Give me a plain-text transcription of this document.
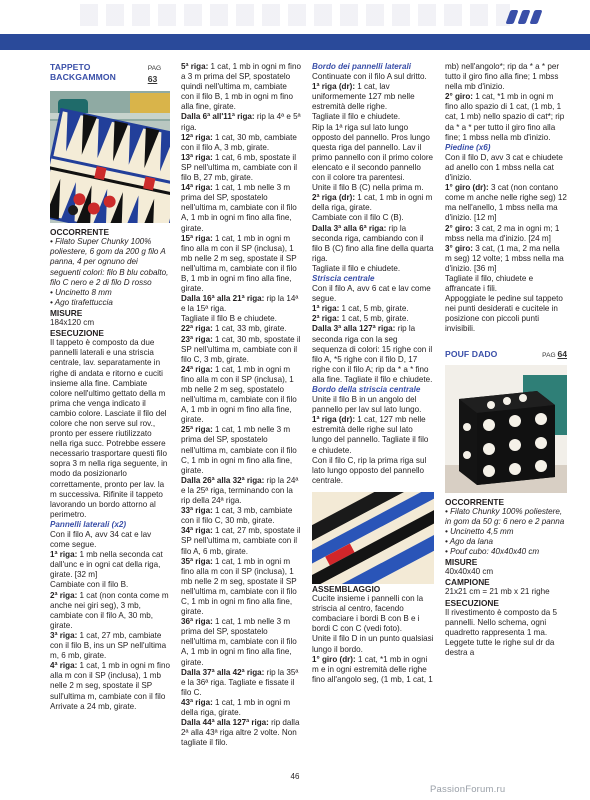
TAPPETO BACKGAMMON
PAG 63

OCCORRENTE

• Filato Super Chunky 100% poliestere, 6 gom da 200 g filo A panna, 4 per ognuno dei seguenti colori: filo B blu cobalto, filo C nero e 2 di filo D rosso

• Uncinetto 8 mm

• Ago tirafettuccia

MISURE

184x120 cm

ESECUZIONE

Il tappeto è composto da due pannelli laterali e una striscia centrale, lav. separatamente in righe di andata e ritorno e cuciti insieme alla fine. Cambiate colore nell'ultimo gettato della m prima che venga indicato il cambio colore. Lasciate il filo del colore che non serve sul rov., pronto per essere riutilizzato nella riga succ. Potrebbe essere necessario trasportare questi filo sopra 3 m nella riga seguente, in modo da posizionarlo correttamente, pronto per lav. la m successiva. Rifinite il tappeto lavorando un bordo attorno al perimetro.

Pannelli laterali (x2)

Con il filo A, avv 34 cat e lav come segue.

1ª riga: 1 mb nella seconda cat dall'unc e in ogni cat della riga, girate. [32 m]

Cambiate con il filo B.

2ª riga: 1 cat (non conta come m anche nei giri seg), 3 mb, cambiate con il filo A, 30 mb, girate.

3ª riga: 1 cat, 27 mb, cambiate con il filo B, ins un SP nell'ultima m, 6 mb, girate.

4ª riga: 1 cat, 1 mb in ogni m fino alla m con il SP (inclusa), 1 mb nelle 2 m seg, spostate il SP sull'ultima m, cambiate con il filo Arrivate a 24 mb, girate.

5ª riga: 1 cat, 1 mb in ogni m fino a 3 m prima del SP, spostatelo quindi nell'ultima m, cambiate con il filo B, 1 mb in ogni m fino alla fine, girate.

Dalla 6ª all'11ª riga: rip la 4ª e 5ª riga.

12ª riga: 1 cat, 30 mb, cambiate con il filo A, 3 mb, girate.

13ª riga: 1 cat, 6 mb, spostate il SP nell'ultima m, cambiate con il filo B, 27 mb, girate.

14ª riga: 1 cat, 1 mb nelle 3 m prima del SP, spostatelo nell'ultima m, cambiate con il filo A, 1 mb in ogni m fino alla fine, girate.

15ª riga: 1 cat, 1 mb in ogni m fino alla m con il SP (inclusa), 1 mb nelle 2 m seg, spostate il SP nell'ultima m, cambiate con il filo B, 1 mb in ogni m fino alla fine, girate.

Dalla 16ª alla 21ª riga: rip la 14ª e la 15ª riga.

Tagliate il filo B e chiudete.

22ª riga: 1 cat, 33 mb, girate.

23ª riga: 1 cat, 30 mb, spostate il SP nell'ultima m, cambiate con il filo C, 3 mb, girate.

24ª riga: 1 cat, 1 mb in ogni m fino alla m con il SP (inclusa), 1 mb nelle 2 m seg, spostatelo nell'ultima m, cambiate con il filo A, 1 mb in ogni m fino alla fine, girate.

25ª riga: 1 cat, 1 mb nelle 3 m prima del SP, spostatelo nell'ultima m, cambiate con il filo C, 1 mb in ogni m fino alla fine, girate.

Dalla 26ª alla 32ª riga: rip la 24ª e la 25ª riga, terminando con la rip della 24ª riga.

33ª riga: 1 cat, 3 mb, cambiate con il filo C, 30 mb, girate.

34ª riga: 1 cat, 27 mb, spostate il SP nell'ultima m, cambiate con il filo A, 6 mb, girate.

35ª riga: 1 cat, 1 mb in ogni m fino alla m con il SP (inclusa), 1 mb nelle 2 m seg, spostate il SP nell'ultima m, cambiate con il filo C, 1 mb in ogni m fino alla fine, girate.

36ª riga: 1 cat, 1 mb nelle 3 m prima del SP, spostatelo nell'ultima m, cambiate con il filo A, 1 mb in ogni m fino alla fine, girate.

Dalla 37ª alla 42ª riga: rip la 35ª e la 36ª riga. Tagliate e fissate il filo C.

43ª riga: 1 cat, 1 mb in ogni m della riga, girate.

Dalla 44ª alla 127ª riga: rip dalla 2ª alla 43ª riga altre 2 volte. Non tagliate il filo.

Bordo dei pannelli laterali

Continuate con il filo A sul dritto.

1ª riga (dr): 1 cat, lav uniformemente 127 mb nelle estremità delle righe.

Tagliate il filo e chiudete.

Rip la 1ª riga sul lato lungo opposto del pannello. Pros lungo questa riga del pannello. Lav il primo pannello con il primo colore elencato e il secondo pannello con il colore tra parentesi.

Unite il filo B (C) nella prima m.

2ª riga (dr): 1 cat, 1 mb in ogni m della riga, girate.

Cambiate con il filo C (B).

Dalla 3ª alla 6ª riga: rip la seconda riga, cambiando con il filo B (C) fino alla fine della quarta riga.

Tagliate il filo e chiudete.

Striscia centrale

Con il filo A, avv 6 cat e lav come segue.

1ª riga: 1 cat, 5 mb, girate.

2ª riga: 1 cat, 5 mb, girate.

Dalla 3ª alla 127ª riga: rip la seconda riga con la seg sequenza di colori: 15 righe con il filo A, *5 righe con il filo D, 17 righe con il filo A; rip da * a * fino alla fine. Tagliate il filo e chiudete.

Bordo della striscia centrale

Unite il filo B in un angolo del pannello per lav sul lato lungo.

1ª riga (dr): 1 cat, 127 mb nelle estremità delle righe sul lato lungo del pannello. Tagliate il filo e chiudete.

Con il filo C, rip la prima riga sul lato lungo opposto del pannello centrale.

ASSEMBLAGGIO

Cucite insieme i pannelli con la striscia al centro, facendo combaciare i bordi B con B e i bordi C con C (vedi foto).

Unite il filo D in un punto qualsiasi lungo il bordo.

1° giro (dr): 1 cat, *1 mb in ogni m e in ogni estremità delle righe fino all'angolo seg, (1 mb, 1 cat, 1

mb) nell'angolo*; rip da * a * per tutto il giro fino alla fine; 1 mbss nella mb d'inizio.

2° giro: 1 cat, *1 mb in ogni m fino allo spazio di 1 cat, (1 mb, 1 cat, 1 mb) nello spazio di cat*; rip da * a * per tutto il giro fino alla fine; 1 mbss nella mb d'inizio.

Piedine (x6)

Con il filo D, avv 3 cat e chiudete ad anello con 1 mbss nella cat d'inizio.

1° giro (dr): 3 cat (non contano come m anche nelle righe seg) 12 ma nell'anello, 1 mbss nella ma d'inizio. [12 m]

2° giro: 3 cat, 2 ma in ogni m; 1 mbss nella ma d'inizio. [24 m]

3° giro: 3 cat, (1 ma, 2 ma nella m seg) 12 volte; 1 mbss nella ma d'inizio. [36 m]

Tagliate il filo, chiudete e affrancate i fili.

Appoggiate le pedine sul tappeto nei punti desiderati e cucitele in posizione con piccoli punti invisibili.

POUF DADO	PAG 64

OCCORRENTE

• Filato Chunky 100% poliestere, in gom da 50 g: 6 nero e 2 panna

• Uncinetto 4,5 mm

• Ago da lana

• Pouf cubo: 40x40x40 cm

MISURE

40x40x40 cm

CAMPIONE

21x21 cm = 21 mb x 21 righe

ESECUZIONE

Il rivestimento è composto da 5 pannelli. Nello schema, ogni quadretto rappresenta 1 ma. Leggete tutte le righe sul dr da destra a

46
PassionForum.ru
